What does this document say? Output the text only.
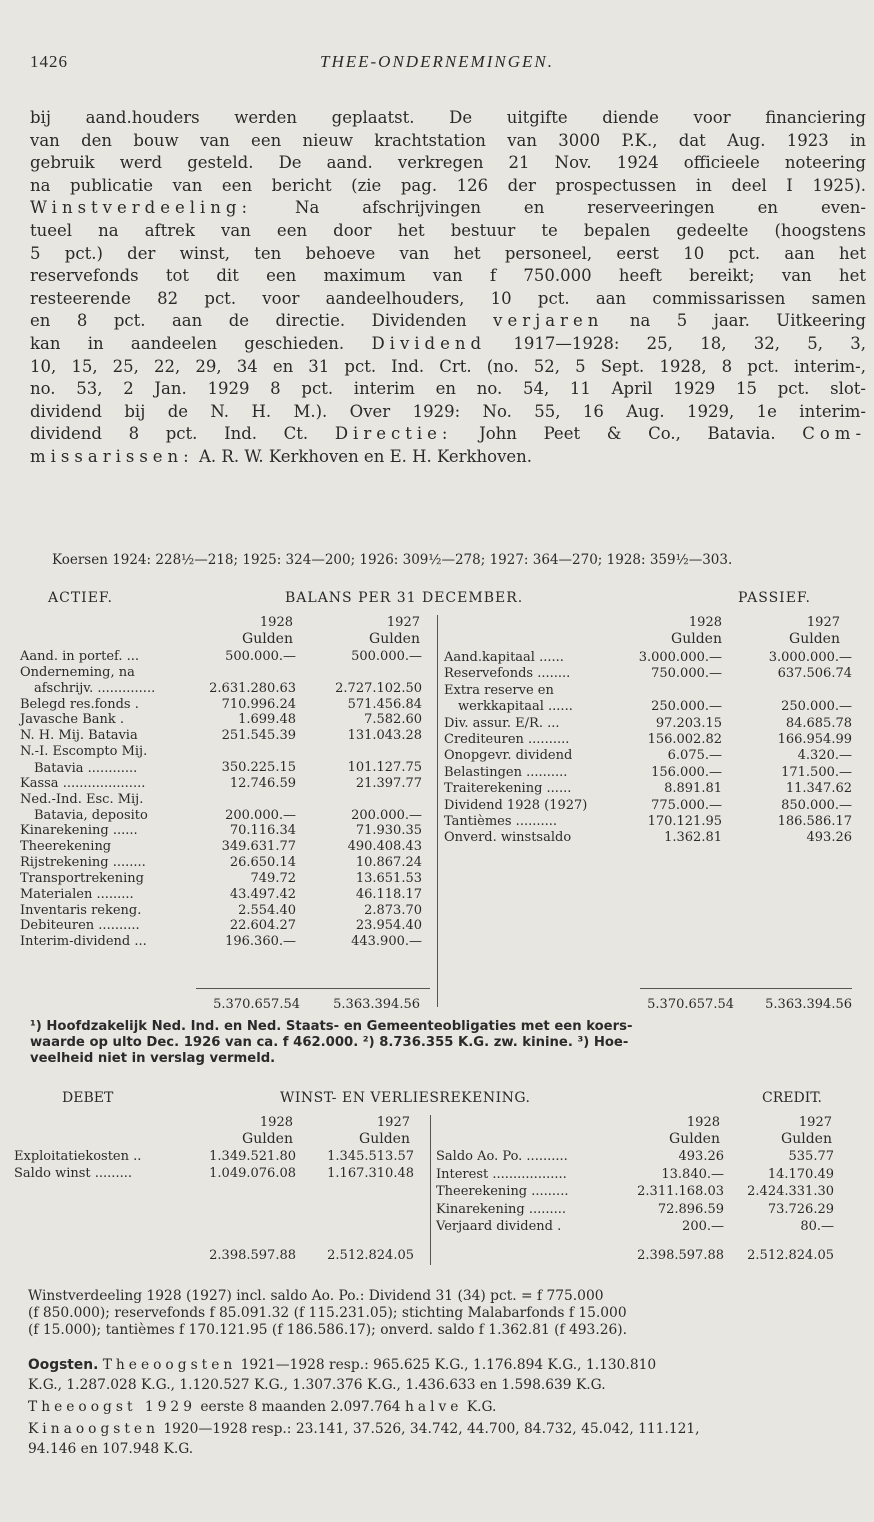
1426	THEE-ONDERNEMINGEN.
bij aand.houders werden geplaatst. De uitgifte diende voor financiering
van den bouw van een nieuw krachtstation van 3000 P.K., dat Aug. 1923 in
gebruik werd gesteld. De aand. verkregen 21 Nov. 1924 officieele noteering
na publicatie van een bericht (zie pag. 126 der prospectussen in deel I 1925).
Winstverdeeling:	Na afschrijvingen en reserveeringen en even-
tueel na aftrek van een door het bestuur te bepalen gedeelte (hoogstens
5 pct.) der winst, ten behoeve van het personeel, eerst 10 pct. aan het
reservefonds tot dit een maximum van f 750.000 heeft bereikt; van het
resteerende 82 pct. voor aandeelhouders, 10 pct. aan commissarissen samen
en 8 pct. aan de directie. Dividenden verjaren na 5 jaar. Uitkeering
kan in aandeelen geschieden. Dividend 1917—1928: 25, 18, 32, 5, 3,
10, 15, 25, 22, 29, 34 en 31 pct. Ind. Crt. (no. 52, 5 Sept. 1928, 8 pct. interim-,
no. 53, 2 Jan. 1929 8 pct. interim en no. 54, 11 April 1929 15 pct. slot-
dividend bij de N. H. M.). Over 1929: No. 55, 16 Aug. 1929, 1e interim-
dividend 8 pct. Ind. Ct. Directie: John Peet & Co., Batavia. Com-
missarissen: A. R. W. Kerkhoven en E. H. Kerkhoven.
Koersen 1924: 228½—218; 1925: 324—200; 1926: 309½—278; 1927: 364—270; 1928: 359½—303.
ACTIEF.	BALANS PER 31 DECEMBER.	PASSIEF.
1928
Gulden
1927
Gulden
1928
Gulden
1927
Gulden
Aand. in portef. ...	500.000.—	500.000.—
Onderneming, na
afschrijv. ..............	2.631.280.63	2.727.102.50
Belegd res.fonds .	710.996.24	571.456.84
Javasche Bank .	1.699.48	7.582.60
N. H. Mij. Batavia	251.545.39	131.043.28
N.-I. Escompto Mij.
Batavia ............	350.225.15	101.127.75
Kassa ....................	12.746.59	21.397.77
Ned.-Ind. Esc. Mij.
Batavia, deposito	200.000.—	200.000.—
Kinarekening ......	70.116.34	71.930.35
Theerekening	349.631.77	490.408.43
Rijstrekening ........	26.650.14	10.867.24
Transportrekening	749.72	13.651.53
Materialen .........	43.497.42	46.118.17
Inventaris rekeng.	2.554.40	2.873.70
Debiteuren ..........	22.604.27	23.954.40
Interim-dividend ...	196.360.—	443.900.—
Aand.kapitaal ......	3.000.000.—	3.000.000.—
Reservefonds ........	750.000.—	637.506.74
Extra reserve en
werkkapitaal ......	250.000.—	250.000.—
Div. assur. E/R. ...	97.203.15	84.685.78
Crediteuren ..........	156.002.82	166.954.99
Onopgevr. dividend	6.075.—	4.320.—
Belastingen ..........	156.000.—	171.500.—
Traiterekening ......	8.891.81	11.347.62
Dividend 1928 (1927)	775.000.—	850.000.—
Tantièmes ..........	170.121.95	186.586.17
Onverd. winstsaldo	1.362.81	493.26
5.370.657.54	5.363.394.56	5.370.657.54	5.363.394.56
¹) Hoofdzakelijk Ned. Ind. en Ned. Staats- en Gemeenteobligaties met een koers-
waarde op ulto Dec. 1926 van ca. f 462.000. ²) 8.736.355 K.G. zw. kinine. ³) Hoe-
veelheid niet in verslag vermeld.
DEBET	WINST- EN VERLIESREKENING.	CREDIT.
1928
Gulden
1927
Gulden
1928
Gulden
1927
Gulden
Exploitatiekosten ..	1.349.521.80	1.345.513.57
Saldo winst .........	1.049.076.08	1.167.310.48
Saldo Ao. Po. ..........	493.26	535.77
Interest ..................	13.840.—	14.170.49
Theerekening .........	2.311.168.03	2.424.331.30
Kinarekening .........	72.896.59	73.726.29
Verjaard dividend .	200.—	80.—
2.398.597.88	2.512.824.05	2.398.597.88	2.512.824.05
Winstverdeeling 1928 (1927) incl. saldo Ao. Po.: Dividend 31 (34) pct. = f 775.000
(f 850.000); reservefonds f 85.091.32 (f 115.231.05); stichting Malabarfonds f 15.000
(f 15.000); tantièmes f 170.121.95 (f 186.586.17); onverd. saldo f 1.362.81 (f 493.26).
Oogsten. Theeoogsten 1921—1928 resp.: 965.625 K.G., 1.176.894 K.G., 1.130.810
K.G., 1.287.028 K.G., 1.120.527 K.G., 1.307.376 K.G., 1.436.633 en 1.598.639 K.G.
Theeoogst 1929 eerste 8 maanden 2.097.764 halve K.G.
Kinaoogsten 1920—1928 resp.: 23.141, 37.526, 34.742, 44.700, 84.732, 45.042, 111.121,
94.146 en 107.948 K.G.
